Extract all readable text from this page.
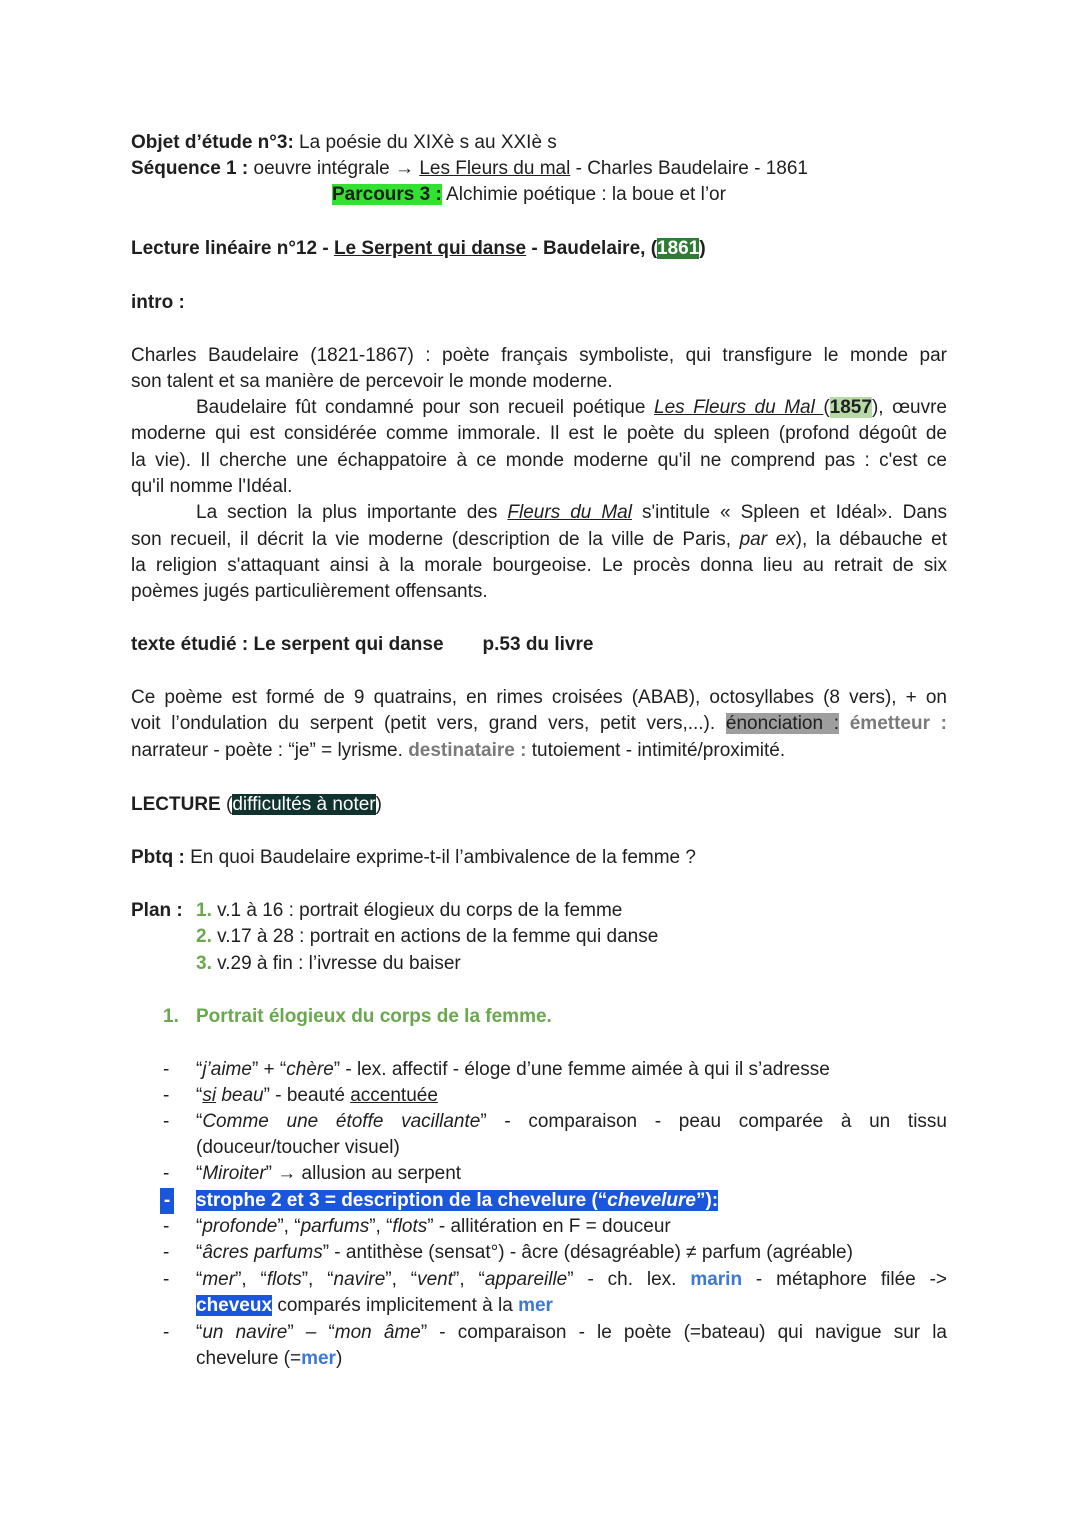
Objet d’étude n°3: La poésie du XIXè s au XXIè s
Séquence 1 : oeuvre intégrale → Les Fleurs du mal - Charles Baudelaire - 1861
Parcours 3 : Alchimie poétique : la boue et l’or
Lecture linéaire n°12 - Le Serpent qui danse - Baudelaire, (1861)
intro :
Charles Baudelaire (1821-1867) : poète français symboliste, qui transfigure le monde par
son talent et sa manière de percevoir le monde moderne.
Baudelaire fût condamné pour son recueil poétique Les Fleurs du Mal (1857), œuvre
moderne qui est considérée comme immorale. Il est le poète du spleen (profond dégoût de
la vie). Il cherche une échappatoire à ce monde moderne qu'il ne comprend pas : c'est ce
qu'il nomme l'Idéal.
La section la plus importante des Fleurs du Mal s'intitule « Spleen et Idéal». Dans
son recueil, il décrit la vie moderne (description de la ville de Paris, par ex), la débauche et
la religion s'attaquant ainsi à la morale bourgeoise. Le procès donna lieu au retrait de six
poèmes jugés particulièrement offensants.
texte étudié : Le serpent qui danse p.53 du livre
Ce poème est formé de 9 quatrains, en rimes croisées (ABAB), octosyllabes (8 vers), + on
voit l’ondulation du serpent (petit vers, grand vers, petit vers,...). énonciation : émetteur :
narrateur - poète : “je” = lyrisme. destinataire : tutoiement - intimité/proximité.
LECTURE (difficultés à noter)
Pbtq : En quoi Baudelaire exprime-t-il l’ambivalence de la femme ?
Plan : 1. v.1 à 16 : portrait élogieux du corps de la femme
2. v.17 à 28 : portrait en actions de la femme qui danse
3. v.29 à fin : l’ivresse du baiser
1. Portrait élogieux du corps de la femme.
- “j’aime” + “chère” - lex. affectif - éloge d’une femme aimée à qui il s’adresse
- “si beau” - beauté accentuée
- “Comme une étoffe vacillante” - comparaison - peau comparée à un tissu
(douceur/toucher visuel)
- “Miroiter” → allusion au serpent
- strophe 2 et 3 = description de la chevelure (“chevelure”):
- “profonde”, “parfums”, “flots” - allitération en F = douceur
- “âcres parfums” - antithèse (sensat°) - âcre (désagréable) ≠ parfum (agréable)
- “mer”, “flots”, “navire”, “vent”, “appareille” - ch. lex. marin - métaphore filée ->
cheveux comparés implicitement à la mer
- “un navire” – “mon âme” - comparaison - le poète (=bateau) qui navigue sur la
chevelure (=mer)
